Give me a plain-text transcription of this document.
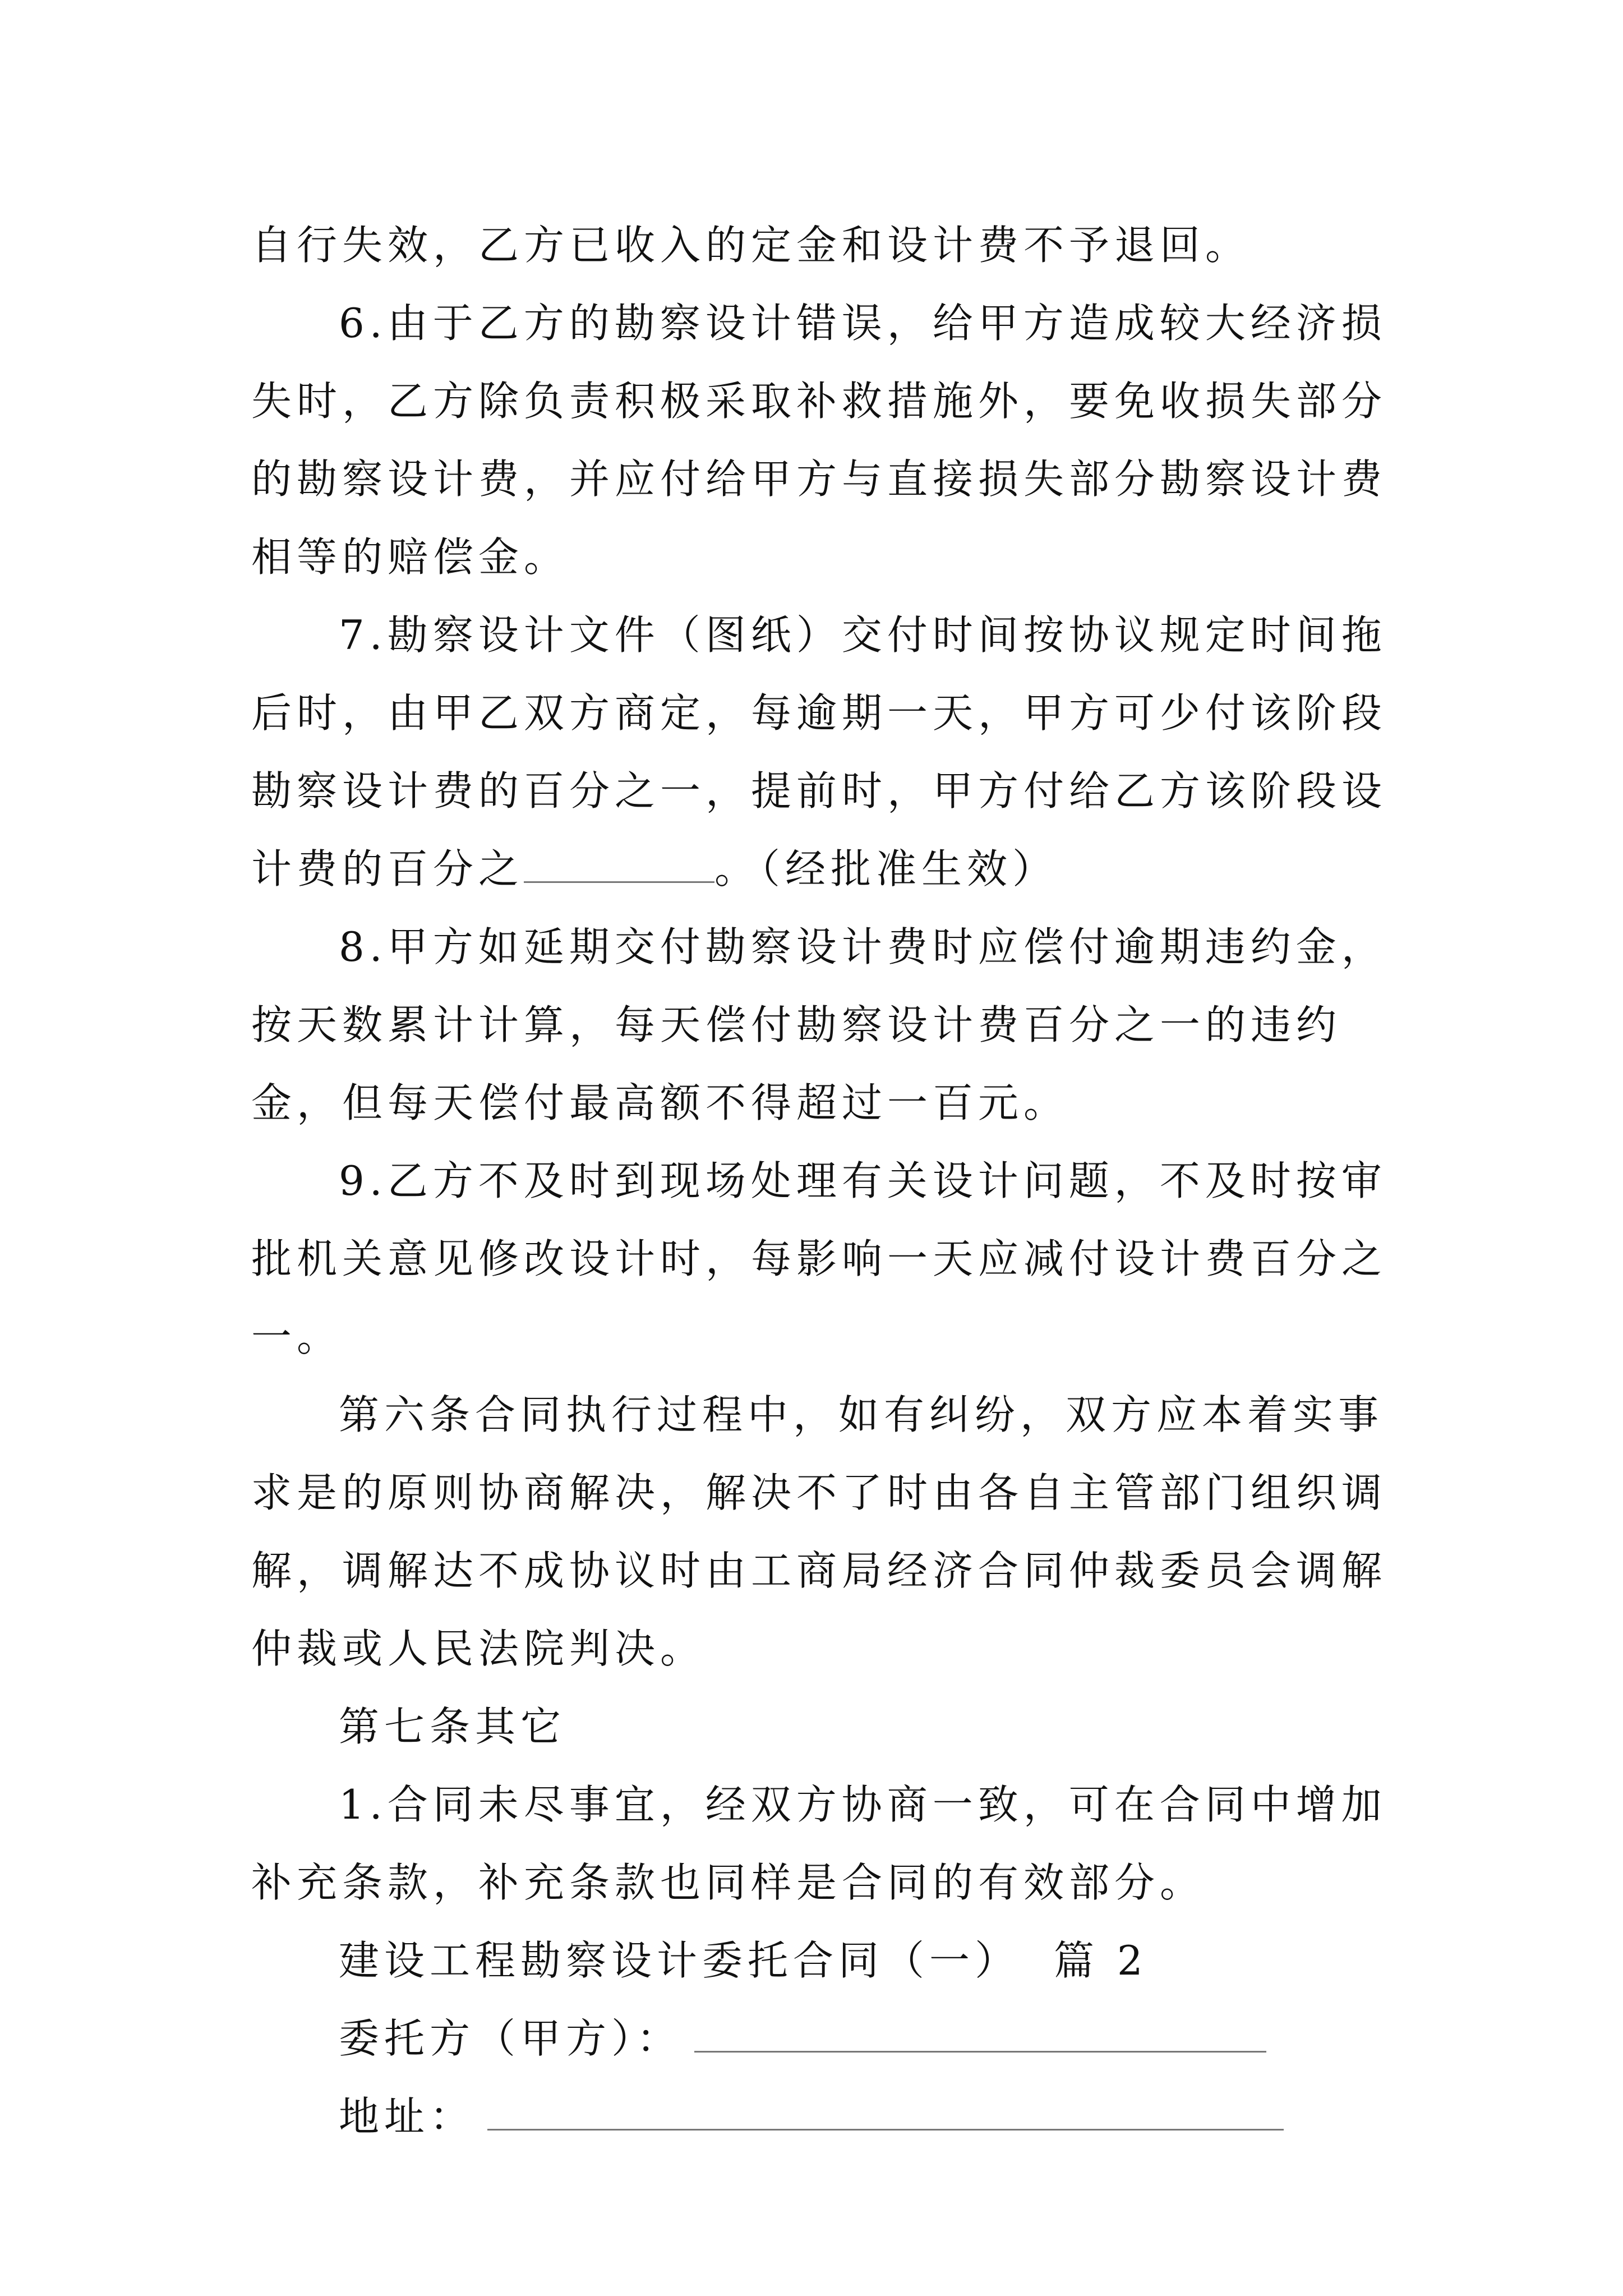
自行失效，乙方已收入的定金和设计费不予退回。

6.由于乙方的勘察设计错误，给甲方造成较大经济损失时，乙方除负责积极采取补救措施外，要免收损失部分的勘察设计费，并应付给甲方与直接损失部分勘察设计费相等的赔偿金。

7.勘察设计文件（图纸）交付时间按协议规定时间拖后时，由甲乙双方商定，每逾期一天，甲方可少付该阶段勘察设计费的百分之一，提前时，甲方付给乙方该阶段设计费的百分之	。（经批准生效）

8.甲方如延期交付勘察设计费时应偿付逾期违约金，按天数累计计算，每天偿付勘察设计费百分之一的违约金，但每天偿付最高额不得超过一百元。

9.乙方不及时到现场处理有关设计问题，不及时按审批机关意见修改设计时，每影响一天应减付设计费百分之一。

第六条合同执行过程中，如有纠纷，双方应本着实事求是的原则协商解决，解决不了时由各自主管部门组织调解，调解达不成协议时由工商局经济合同仲裁委员会调解仲裁或人民法院判决。

第七条其它

1.合同未尽事宜，经双方协商一致，可在合同中增加补充条款，补充条款也同样是合同的有效部分。

建设工程勘察设计委托合同（一） 篇 2

委托方（甲方）：

地址：
